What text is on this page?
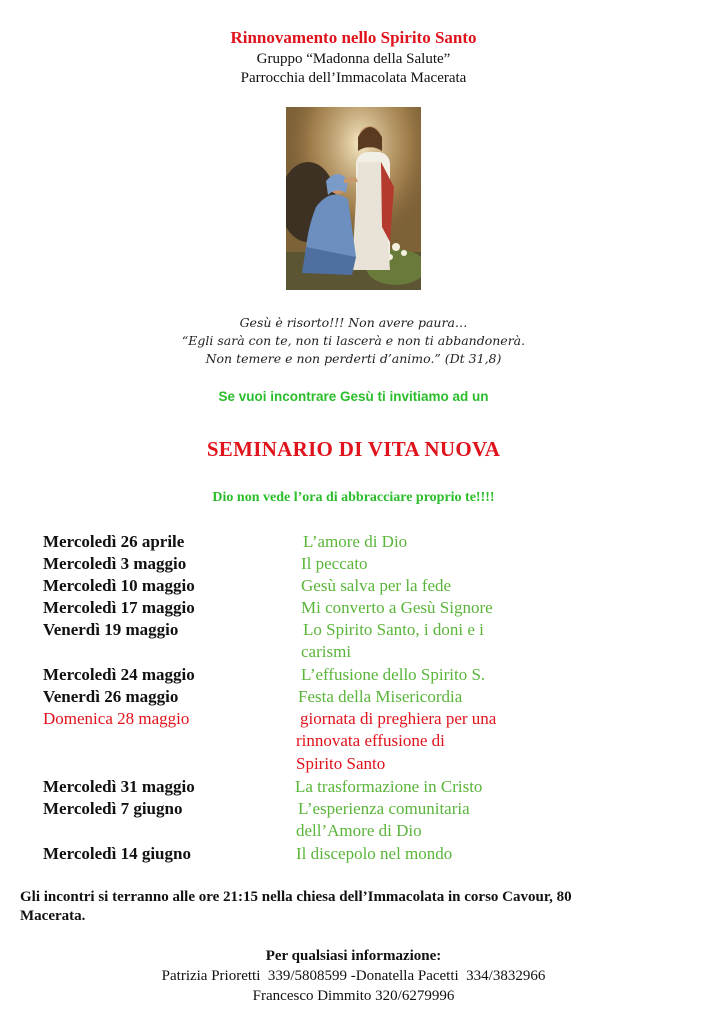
Rinnovamento nello Spirito Santo
Gruppo “Madonna della Salute”
Parrocchia dell’Immacolata Macerata
Gesù è risorto!!! Non avere paura…
“Egli sarà con te, non ti lascerà e non ti abbandonerà.
Non temere e non perderti d’animo.” (Dt 31,8)
Se vuoi incontrare Gesù ti invitiamo ad un
SEMINARIO DI VITA NUOVA
Dio non vede l’ora di abbracciare proprio te!!!!
Mercoledì 26 aprile	L’amore di Dio
Mercoledì 3 maggio	Il peccato
Mercoledì 10 maggio	Gesù salva per la fede
Mercoledì 17 maggio	Mi converto a Gesù Signore
Venerdì 19 maggio	Lo Spirito Santo, i doni e i
carismi
Mercoledì 24 maggio	L’effusione dello Spirito S.
Venerdì 26 maggio	Festa della Misericordia
Domenica 28 maggio	giornata di preghiera per una
rinnovata effusione di
Spirito Santo
Mercoledì 31 maggio	La trasformazione in Cristo
Mercoledì 7 giugno	L’esperienza comunitaria
dell’Amore di Dio
Mercoledì 14 giugno	Il discepolo nel mondo
Gli incontri si terranno alle ore 21:15 nella chiesa dell’Immacolata in corso Cavour, 80
Macerata.
Per qualsiasi informazione:
Patrizia Prioretti  339/5808599 -Donatella Pacetti  334/3832966
Francesco Dimmito 320/6279996
